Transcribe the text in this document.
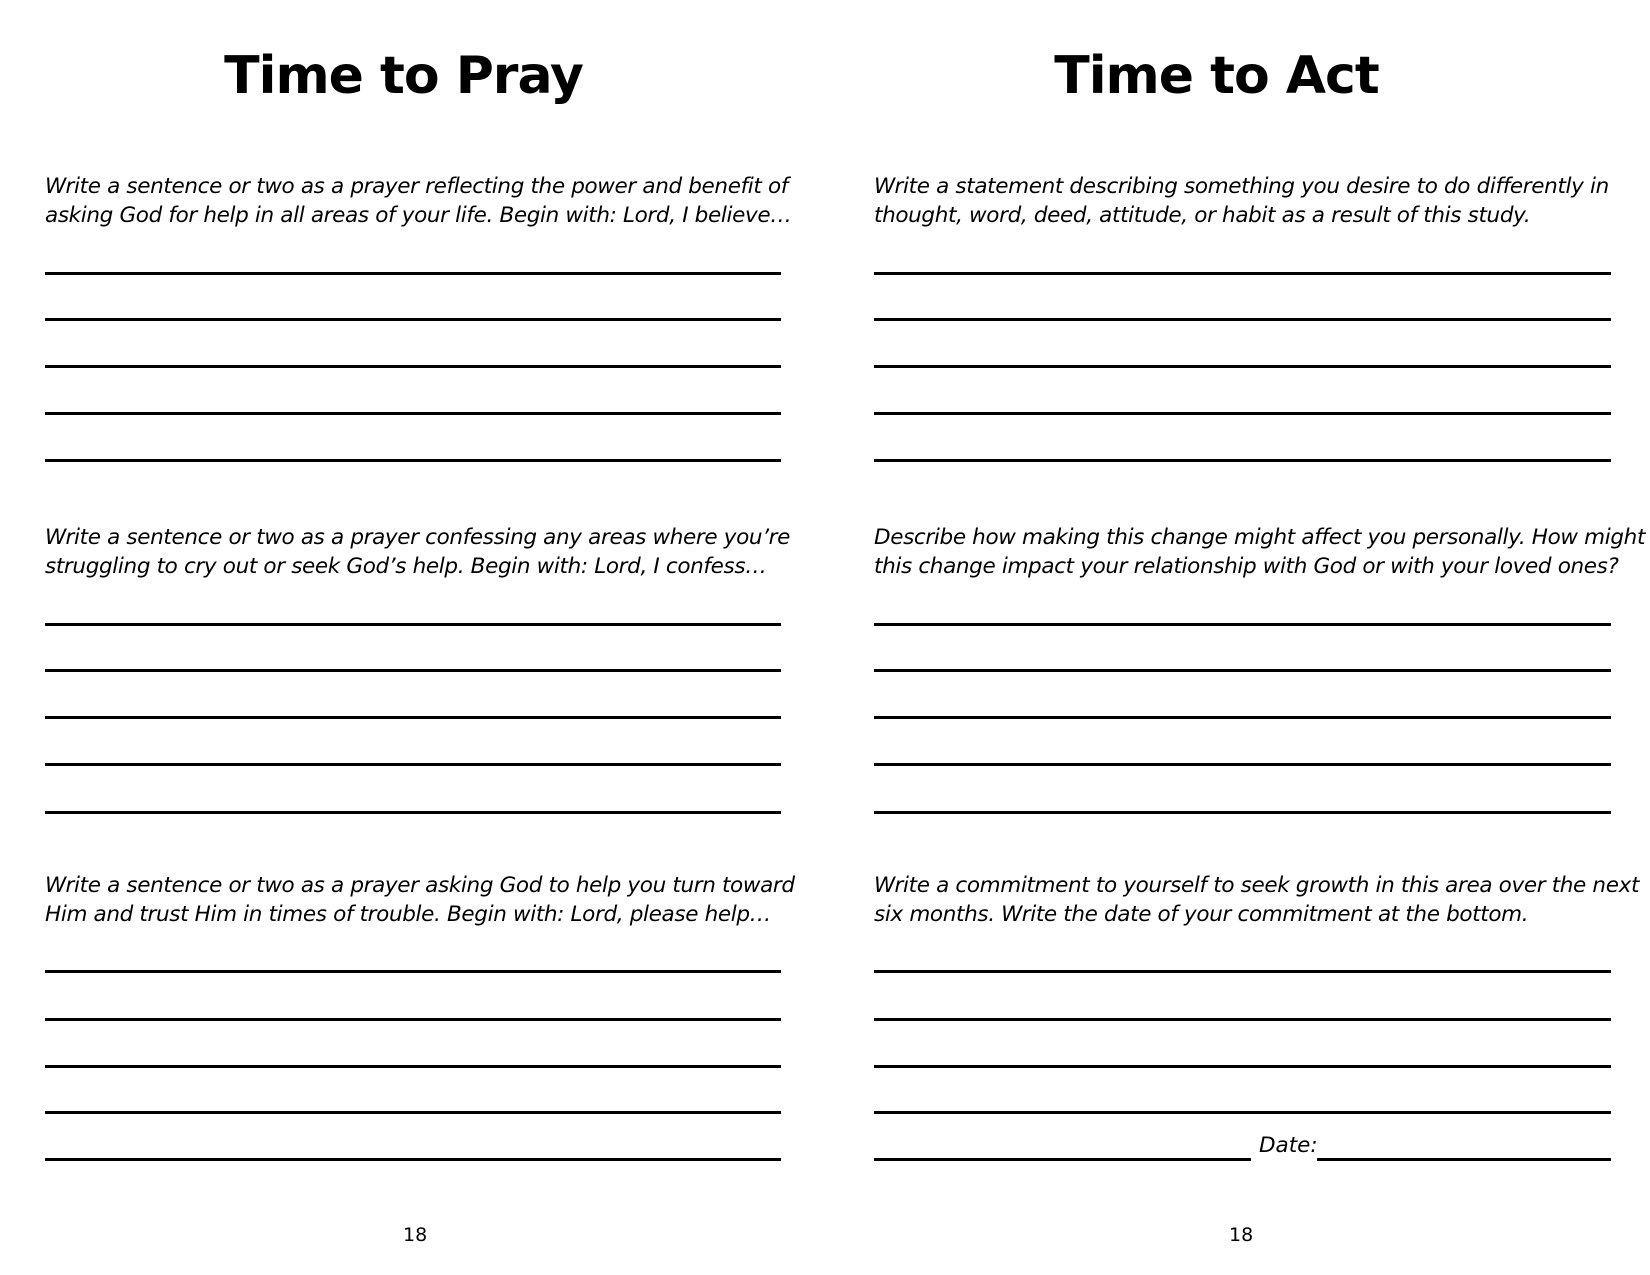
Time to Pray
Write a sentence or two as a prayer reflecting the power and benefit of
asking God for help in all areas of your life. Begin with: Lord, I believe…
Write a sentence or two as a prayer confessing any areas where you’re
struggling to cry out or seek God’s help. Begin with: Lord, I confess…
Write a sentence or two as a prayer asking God to help you turn toward
Him and trust Him in times of trouble. Begin with: Lord, please help…
18
Time to Act
Write a statement describing something you desire to do differently in
thought, word, deed, attitude, or habit as a result of this study.
Describe how making this change might affect you personally. How might
this change impact your relationship with God or with your loved ones?
Write a commitment to yourself to seek growth in this area over the next
six months. Write the date of your commitment at the bottom.
Date:
18
